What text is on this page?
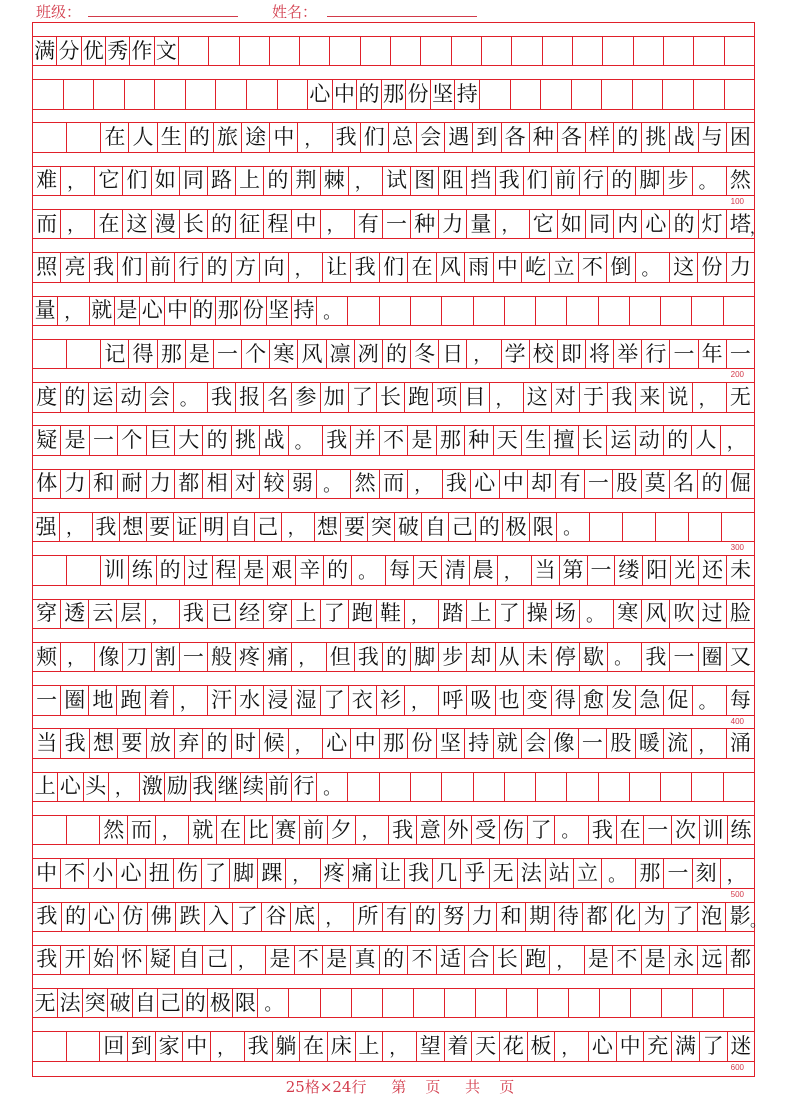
班级：	姓名：
满 分 优 秀 作 文
心 中 的 那 份 坚 持
在 人 生 的 旅 途 中 ， 我 们 总 会 遇 到 各 种 各 样 的 挑 战 与 困
难 ， 它 们 如 同 路 上 的 荆 棘 ， 试 图 阻 挡 我 们 前 行 的 脚 步 。 然
100
而 ， 在 这 漫 长 的 征 程 中 ， 有 一 种 力 量 ， 它 如 同 内 心 的 灯 塔 ，
照 亮 我 们 前 行 的 方 向 ， 让 我 们 在 风 雨 中 屹 立 不 倒 。 这 份 力
量 ， 就 是 心 中 的 那 份 坚 持 。
记 得 那 是 一 个 寒 风 凛 冽 的 冬 日 ， 学 校 即 将 举 行 一 年 一
200
度 的 运 动 会 。 我 报 名 参 加 了 长 跑 项 目 ， 这 对 于 我 来 说 ， 无
疑 是 一 个 巨 大 的 挑 战 。 我 并 不 是 那 种 天 生 擅 长 运 动 的 人 ，
体 力 和 耐 力 都 相 对 较 弱 。 然 而 ， 我 心 中 却 有 一 股 莫 名 的 倔
强 ， 我 想 要 证 明 自 己 ， 想 要 突 破 自 己 的 极 限 。
300
训 练 的 过 程 是 艰 辛 的 。 每 天 清 晨 ， 当 第 一 缕 阳 光 还 未
穿 透 云 层 ， 我 已 经 穿 上 了 跑 鞋 ， 踏 上 了 操 场 。 寒 风 吹 过 脸
颊 ， 像 刀 割 一 般 疼 痛 ， 但 我 的 脚 步 却 从 未 停 歇 。 我 一 圈 又
一 圈 地 跑 着 ， 汗 水 浸 湿 了 衣 衫 ， 呼 吸 也 变 得 愈 发 急 促 。 每
400
当 我 想 要 放 弃 的 时 候 ， 心 中 那 份 坚 持 就 会 像 一 股 暖 流 ， 涌
上 心 头 ， 激 励 我 继 续 前 行 。
然 而 ， 就 在 比 赛 前 夕 ， 我 意 外 受 伤 了 。 我 在 一 次 训 练
中 不 小 心 扭 伤 了 脚 踝 ， 疼 痛 让 我 几 乎 无 法 站 立 。 那 一 刻 ，
500
我 的 心 仿 佛 跌 入 了 谷 底 ， 所 有 的 努 力 和 期 待 都 化 为 了 泡 影 。
我 开 始 怀 疑 自 己 ， 是 不 是 真 的 不 适 合 长 跑 ， 是 不 是 永 远 都
无 法 突 破 自 己 的 极 限 。
回 到 家 中 ， 我 躺 在 床 上 ， 望 着 天 花 板 ， 心 中 充 满 了 迷
600
25格×24行 第 页 共 页
